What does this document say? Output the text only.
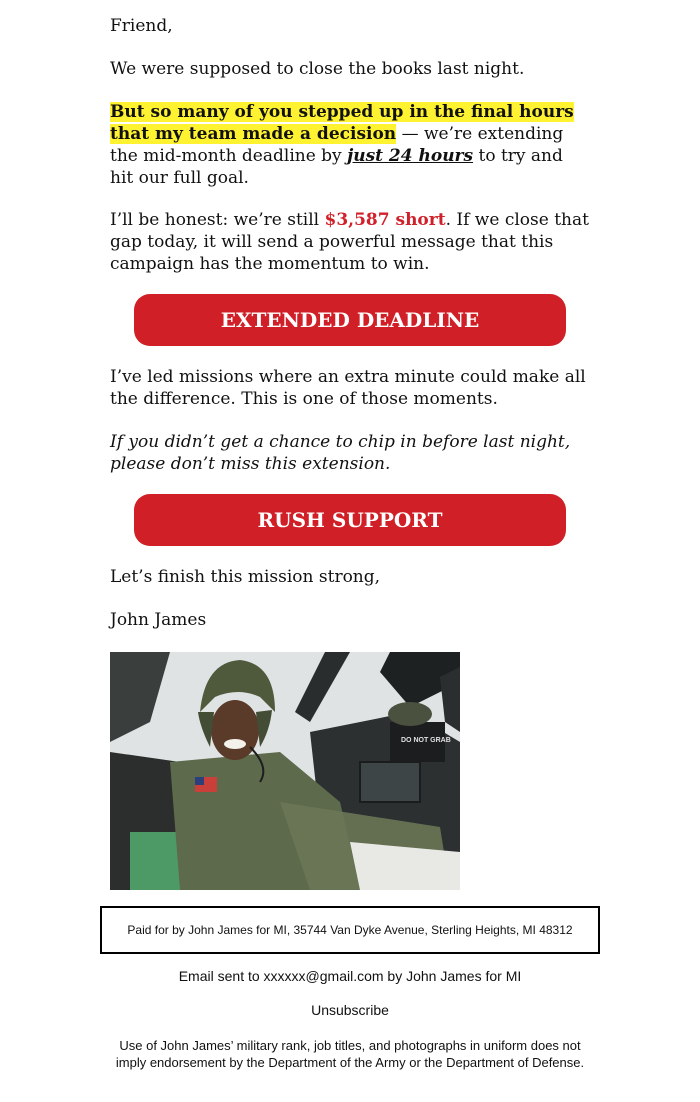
Friend,

We were supposed to close the books last night.

But so many of you stepped up in the final hours that my team made a decision — we’re extending the mid-month deadline by just 24 hours to try and hit our full goal.

I’ll be honest: we’re still $3,587 short. If we close that gap today, it will send a powerful message that this campaign has the momentum to win.

I’ve led missions where an extra minute could make all the difference. This is one of those moments.

If you didn’t get a chance to chip in before last night, please don’t miss this extension.

Let’s finish this mission strong,

John James

EXTENDED DEADLINE
RUSH SUPPORT
DO NOT GRAB
Paid for by John James for MI, 35744 Van Dyke Avenue, Sterling Heights, MI 48312
Email sent to xxxxxx@gmail.com by John James for MI
Unsubscribe
Use of John James’ military rank, job titles, and photographs in uniform does not imply endorsement by the Department of the Army or the Department of Defense.
